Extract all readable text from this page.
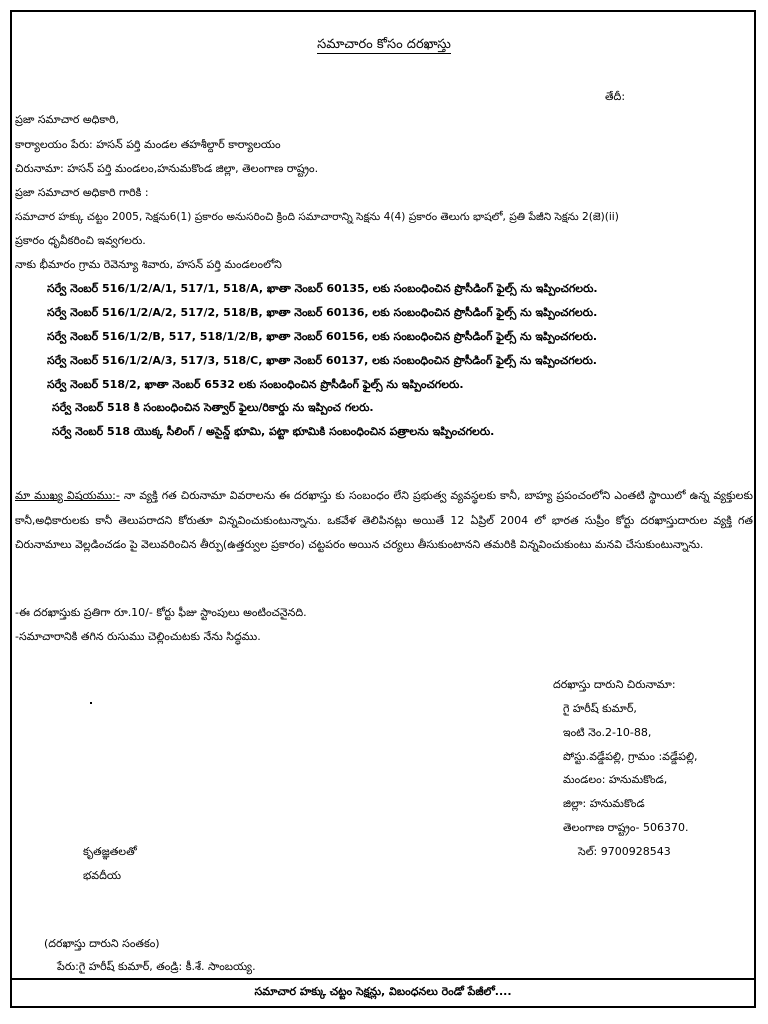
సమాచారం కోసం దరఖాస్తు
తేదీ:
ప్రజా సమాచార అధికారి,
కార్యాలయం పేరు: హసన్ పర్తి మండల తహశీల్దార్ కార్యాలయం
చిరునామా: హసన్ పర్తి మండలం,హనుమకొండ జిల్లా, తెలంగాణ రాష్ట్రం.
ప్రజా సమాచార అధికారి గారికి :
సమాచార హక్కు చట్టం 2005, సెక్షను6(1) ప్రకారం అనుసరించి క్రింది సమాచారాన్ని సెక్షను 4(4) ప్రకారం తెలుగు భాషలో, ప్రతి పేజీని సెక్షను 2(జె)(ii)
ప్రకారం ధృవీకరించి ఇవ్వగలరు.
నాకు భీమారం గ్రామ రెవెన్యూ శివారు, హసన్ పర్తి మండలంలోని
సర్వే నెంబర్ 516/1/2/A/1, 517/1, 518/A, ఖాతా నెంబర్ 60135, లకు సంబంధించిన ప్రొసీడింగ్ ఫైల్స్ ను ఇప్పించగలరు.
సర్వే నెంబర్ 516/1/2/A/2, 517/2, 518/B, ఖాతా నెంబర్ 60136, లకు సంబంధించిన ప్రొసీడింగ్ ఫైల్స్ ను ఇప్పించగలరు.
సర్వే నెంబర్ 516/1/2/B, 517, 518/1/2/B, ఖాతా నెంబర్ 60156, లకు సంబంధించిన ప్రొసీడింగ్ ఫైల్స్ ను ఇప్పించగలరు.
సర్వే నెంబర్ 516/1/2/A/3, 517/3, 518/C, ఖాతా నెంబర్ 60137, లకు సంబంధించిన ప్రొసీడింగ్ ఫైల్స్ ను ఇప్పించగలరు.
సర్వే నెంబర్ 518/2, ఖాతా నెంబర్ 6532 లకు సంబంధించిన ప్రొసీడింగ్ ఫైల్స్ ను ఇప్పించగలరు.
సర్వే నెంబర్ 518 కి సంబంధించిన సెత్వార్ ఫైలు/రికార్డు ను ఇప్పించ గలరు.
సర్వే నెంబర్ 518 యొక్క సీలింగ్ / అసైన్డ్ భూమి, పట్టా భూమికి సంబంధించిన పత్రాలను ఇప్పించగలరు.
మా ముఖ్య విషయము:- నా వ్యక్తి గత చిరునామా వివరాలను ఈ దరఖాస్తు కు సంబంధం లేని ప్రభుత్వ వ్యవస్థలకు కానీ, బాహ్య ప్రపంచంలోని ఎంతటి స్థాయిలో ఉన్న వ్యక్తులకు కానీ,అధికారులకు కానీ తెలుపరాదని కోరుతూ విన్నవించుకుంటున్నాను. ఒకవేళ తెలిపినట్లు అయితే 12 ఏప్రిల్ 2004 లో భారత సుప్రీం కోర్టు దరఖాస్తుదారుల వ్యక్తి గత చిరునామాలు వెల్లడించడం పై వెలువరించిన తీర్పు(ఉత్తర్వుల ప్రకారం) చట్టపరం అయిన చర్యలు తీసుకుంటానని తమరికి విన్నవించుకుంటు మనవి చేసుకుంటున్నాను.
-ఈ దరఖాస్తుకు ప్రతిగా రూ.10/- కోర్టు ఫీజు స్టాంపులు అంటించనైనది.
-సమాచారానికి తగిన రుసుము చెల్లించుటకు నేను సిద్ధము.
దరఖాస్తు దారుని చిరునామా:
గై హరీష్ కుమార్,
ఇంటి నెం.2-10-88,
పోస్టు.వడ్డేపల్లి, గ్రామం :వడ్డేపల్లి,
మండలం: హనుమకొండ,
జిల్లా: హనుమకొండ
తెలంగాణ రాష్ట్రం- 506370.
సెల్: 9700928543
కృతజ్ఞతలతో
భవదీయ
(దరఖాస్తు దారుని సంతకం)
పేరు:గై హరీష్ కుమార్, తండ్రి: కీ.శే. సాంబయ్య.
సమాచార హక్కు చట్టం సెక్షన్లు, విబంధనలు రెండో పేజీలో....
